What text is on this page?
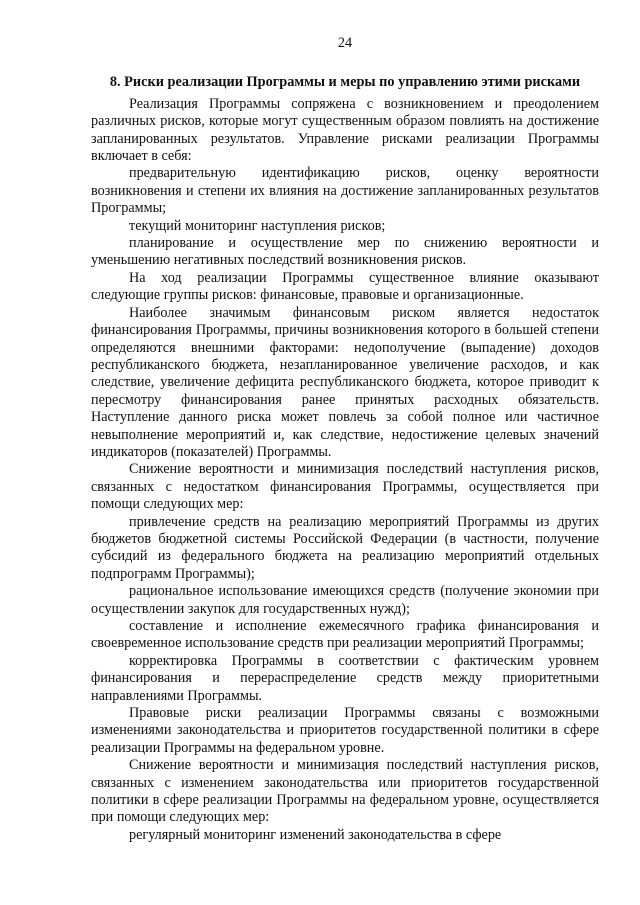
24
8. Риски реализации Программы и меры по управлению этими рисками

Реализация Программы сопряжена с возникновением и преодолением различных рисков, которые могут существенным образом повлиять на достижение запланированных результатов. Управление рисками реализации Программы включает в себя:

предварительную идентификацию рисков, оценку вероятности возникновения и степени их влияния на достижение запланированных результатов Программы;

текущий мониторинг наступления рисков;

планирование и осуществление мер по снижению вероятности и уменьшению негативных последствий возникновения рисков.

На ход реализации Программы существенное влияние оказывают следующие группы рисков: финансовые, правовые и организационные.

Наиболее значимым финансовым риском является недостаток финансирования Программы, причины возникновения которого в большей степени определяются внешними факторами: недополучение (выпадение) доходов республиканского бюджета, незапланированное увеличение расходов, и как следствие, увеличение дефицита республиканского бюджета, которое приводит к пересмотру финансирования ранее принятых расходных обязательств. Наступление данного риска может повлечь за собой полное или частичное невыполнение мероприятий и, как следствие, недостижение целевых значений индикаторов (показателей) Программы.

Снижение вероятности и минимизация последствий наступления рисков, связанных с недостатком финансирования Программы, осуществляется при помощи следующих мер:

привлечение средств на реализацию мероприятий Программы из других бюджетов бюджетной системы Российской Федерации (в частности, получение субсидий из федерального бюджета на реализацию мероприятий отдельных подпрограмм Программы);

рациональное использование имеющихся средств (получение экономии при осуществлении закупок для государственных нужд);

составление и исполнение ежемесячного графика финансирования и своевременное использование средств при реализации мероприятий Программы;

корректировка Программы в соответствии с фактическим уровнем финансирования и перераспределение средств между приоритетными направлениями Программы.

Правовые риски реализации Программы связаны с возможными изменениями законодательства и приоритетов государственной политики в сфере реализации Программы на федеральном уровне.

Снижение вероятности и минимизация последствий наступления рисков, связанных с изменением законодательства или приоритетов государственной политики в сфере реализации Программы на федеральном уровне, осуществляется при помощи следующих мер:

регулярный мониторинг изменений законодательства в сфере
